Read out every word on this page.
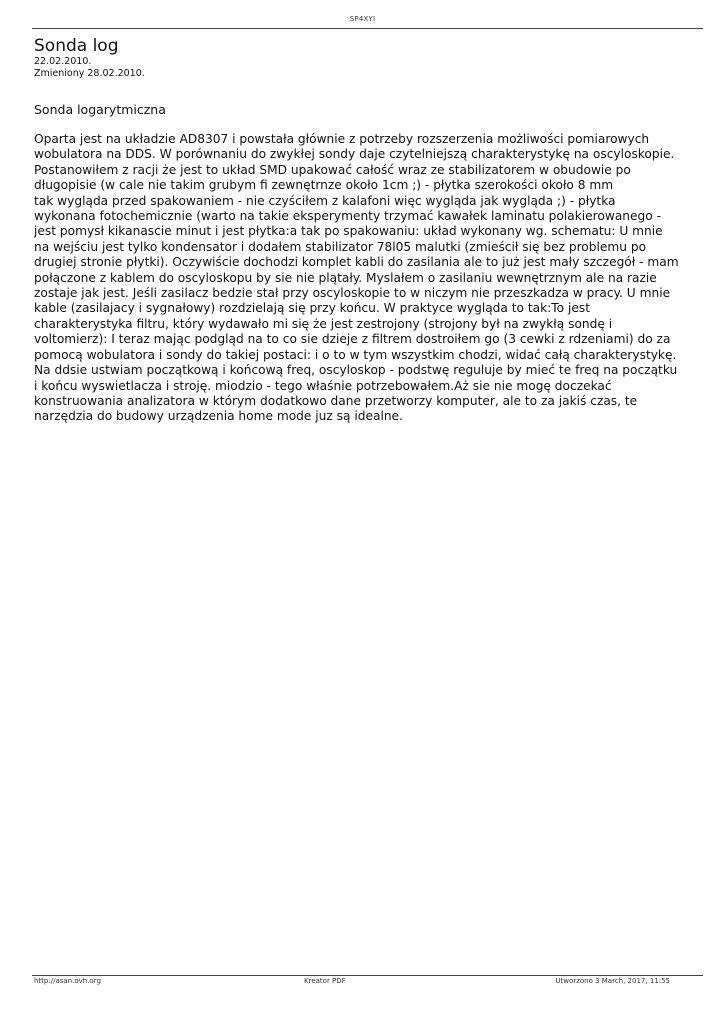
SP4XYI
Sonda log
22.02.2010.
Zmieniony 28.02.2010.
Sonda logarytmiczna
Oparta jest na układzie AD8307 i powstała głównie z potrzeby rozszerzenia możliwości pomiarowych
wobulatora na DDS. W porównaniu do zwykłej sondy daje czytelniejszą charakterystykę na oscyloskopie.
Postanowiłem z racji że jest to układ SMD upakować całość wraz ze stabilizatorem w obudowie po
długopisie (w cale nie takim grubym fi zewnętrnze około 1cm ;) - płytka szerokości około 8 mm
tak wygląda przed spakowaniem - nie czyściłem z kalafoni więc wygląda jak wygląda ;) - płytka
wykonana fotochemicznie (warto na takie eksperymenty trzymać kawałek laminatu polakierowanego -
jest pomysł kikanascie minut i jest płytka:a tak po spakowaniu: układ wykonany wg. schematu: U mnie
na wejściu jest tylko kondensator i dodałem stabilizator 78l05 malutki (zmieścił się bez problemu po
drugiej stronie płytki). Oczywiście dochodzi komplet kabli do zasilania ale to już jest mały szczegół - mam
połączone z kablem do oscyloskopu by sie nie plątały. Myslałem o zasilaniu wewnętrznym ale na razie
zostaje jak jest. Jeśli zasilacz bedzie stał przy oscyloskopie to w niczym nie przeszkadza w pracy. U mnie
kable (zasilajacy i sygnałowy) rozdzielają się przy końcu. W praktyce wygląda to tak:To jest
charakterystyka filtru, który wydawało mi się że jest zestrojony (strojony był na zwykłą sondę i
voltomierz): I teraz mając podgląd na to co sie dzieje z filtrem dostroiłem go (3 cewki z rdzeniami) do za
pomocą wobulatora i sondy do takiej postaci: i o to w tym wszystkim chodzi, widać całą charakterystykę.
Na ddsie ustwiam początkową i końcową freq, oscyloskop - podstwę reguluje by mieć te freq na początku
i końcu wyswietlacza i stroję. miodzio - tego właśnie potrzebowałem.Aż sie nie mogę doczekać
konstruowania analizatora w którym dodatkowo dane przetworzy komputer, ale to za jakiś czas, te
narzędzia do budowy urządzenia home mode juz są idealne.
http://asan.ovh.org	Kreator PDF	Utworzono 3 March, 2017, 11:55
